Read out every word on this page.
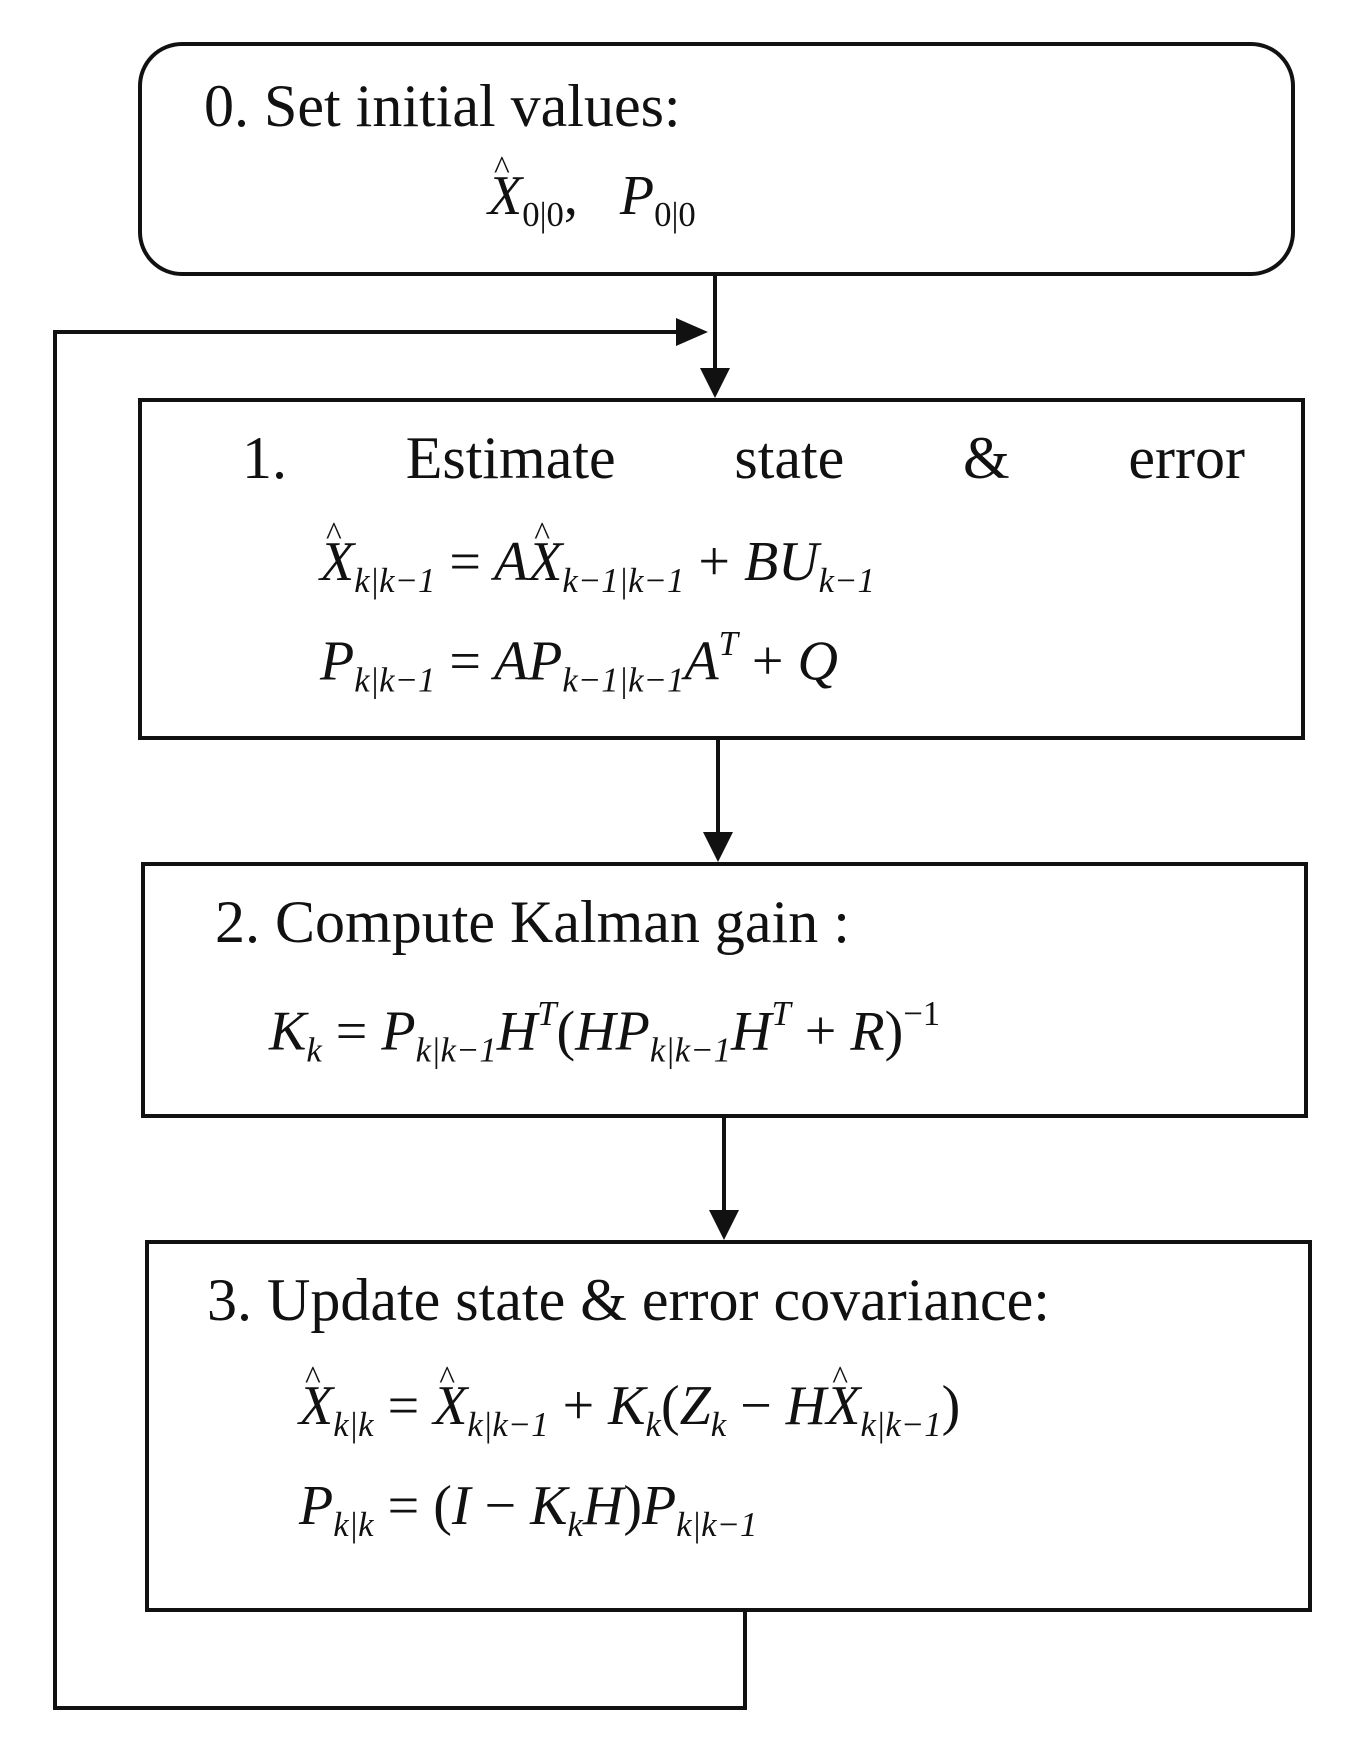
0. Set initial values:
^ $X_{0|0}$, $P_{0|0}$
1. Estimate state & error
^ $X_{k|k-1}$ = A^ $X_{k-1|k-1} + BU_{k-1}$
$P_{k|k-1} = AP_{k-1|k-1}A^T + Q$
2. Compute Kalman gain :
$K_k = P_{k|k-1}H^T(HP_{k|k-1}H^T + R)^{-1}$
3. Update state & error covariance:
^ $X_{k|k}$ = ^ $X_{k|k-1} + K_k(Z_k$ − H^ $X_{k|k-1}$)
$P_{k|k} = (I - K_kH)P_{k|k-1}$
